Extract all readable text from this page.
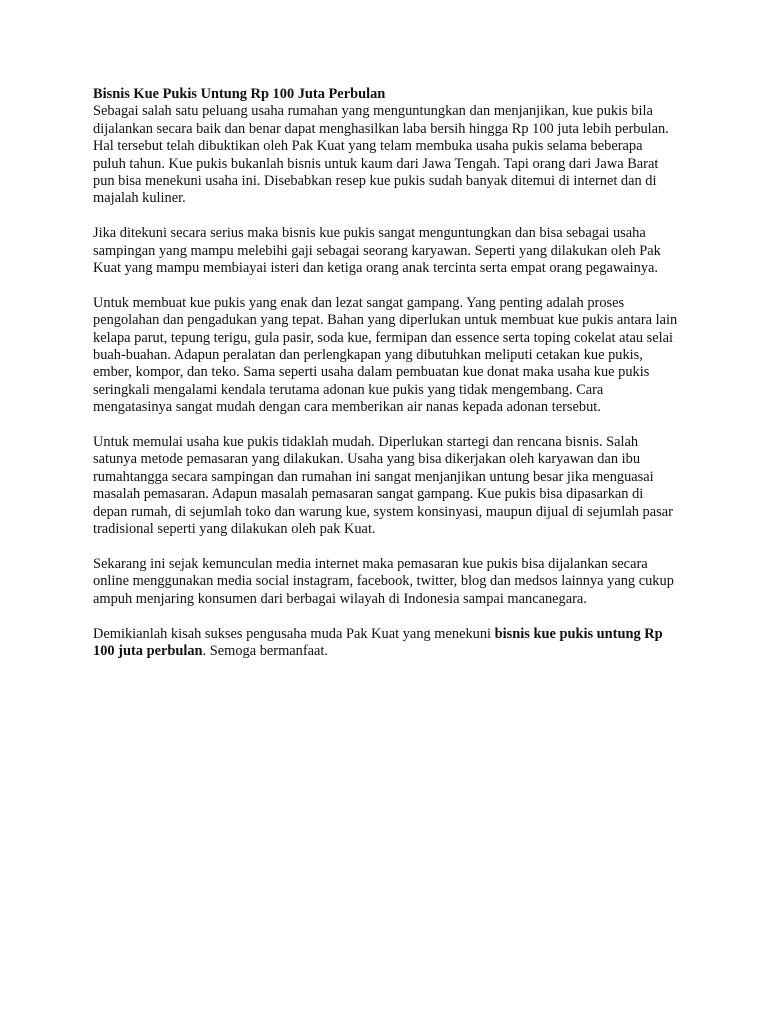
Bisnis Kue Pukis Untung Rp 100 Juta Perbulan

Sebagai salah satu peluang usaha rumahan yang menguntungkan dan menjanjikan, kue pukis bila dijalankan secara baik dan benar dapat menghasilkan laba bersih hingga Rp 100 juta lebih perbulan. Hal tersebut telah dibuktikan oleh Pak Kuat yang telam membuka usaha pukis selama beberapa puluh tahun. Kue pukis bukanlah bisnis untuk kaum dari Jawa Tengah. Tapi orang dari Jawa Barat pun bisa menekuni usaha ini. Disebabkan resep kue pukis sudah banyak ditemui di internet dan di majalah kuliner.

Jika ditekuni secara serius maka bisnis kue pukis sangat menguntungkan dan bisa sebagai usaha sampingan yang mampu melebihi gaji sebagai seorang karyawan. Seperti yang dilakukan oleh Pak Kuat yang mampu membiayai isteri dan ketiga orang anak tercinta serta empat orang pegawainya.

Untuk membuat kue pukis yang enak dan lezat sangat gampang. Yang penting adalah proses pengolahan dan pengadukan yang tepat. Bahan yang diperlukan untuk membuat kue pukis antara lain kelapa parut, tepung terigu, gula pasir, soda kue, fermipan dan essence serta toping cokelat atau selai buah-buahan. Adapun peralatan dan perlengkapan yang dibutuhkan meliputi cetakan kue pukis, ember, kompor, dan teko. Sama seperti usaha dalam pembuatan kue donat maka usaha kue pukis seringkali mengalami kendala terutama adonan kue pukis yang tidak mengembang. Cara mengatasinya sangat mudah dengan cara memberikan air nanas kepada adonan tersebut.

Untuk memulai usaha kue pukis tidaklah mudah. Diperlukan startegi dan rencana bisnis. Salah satunya metode pemasaran yang dilakukan. Usaha yang bisa dikerjakan oleh karyawan dan ibu rumahtangga secara sampingan dan rumahan ini sangat menjanjikan untung besar jika menguasai masalah pemasaran. Adapun masalah pemasaran sangat gampang. Kue pukis bisa dipasarkan di depan rumah, di sejumlah toko dan warung kue, system konsinyasi, maupun dijual di sejumlah pasar tradisional seperti yang dilakukan oleh pak Kuat.

Sekarang ini sejak kemunculan media internet maka pemasaran kue pukis bisa dijalankan secara online menggunakan media social instagram, facebook, twitter, blog dan medsos lainnya yang cukup ampuh menjaring konsumen dari berbagai wilayah di Indonesia sampai mancanegara.

Demikianlah kisah sukses pengusaha muda Pak Kuat yang menekuni bisnis kue pukis untung Rp 100 juta perbulan. Semoga bermanfaat.
